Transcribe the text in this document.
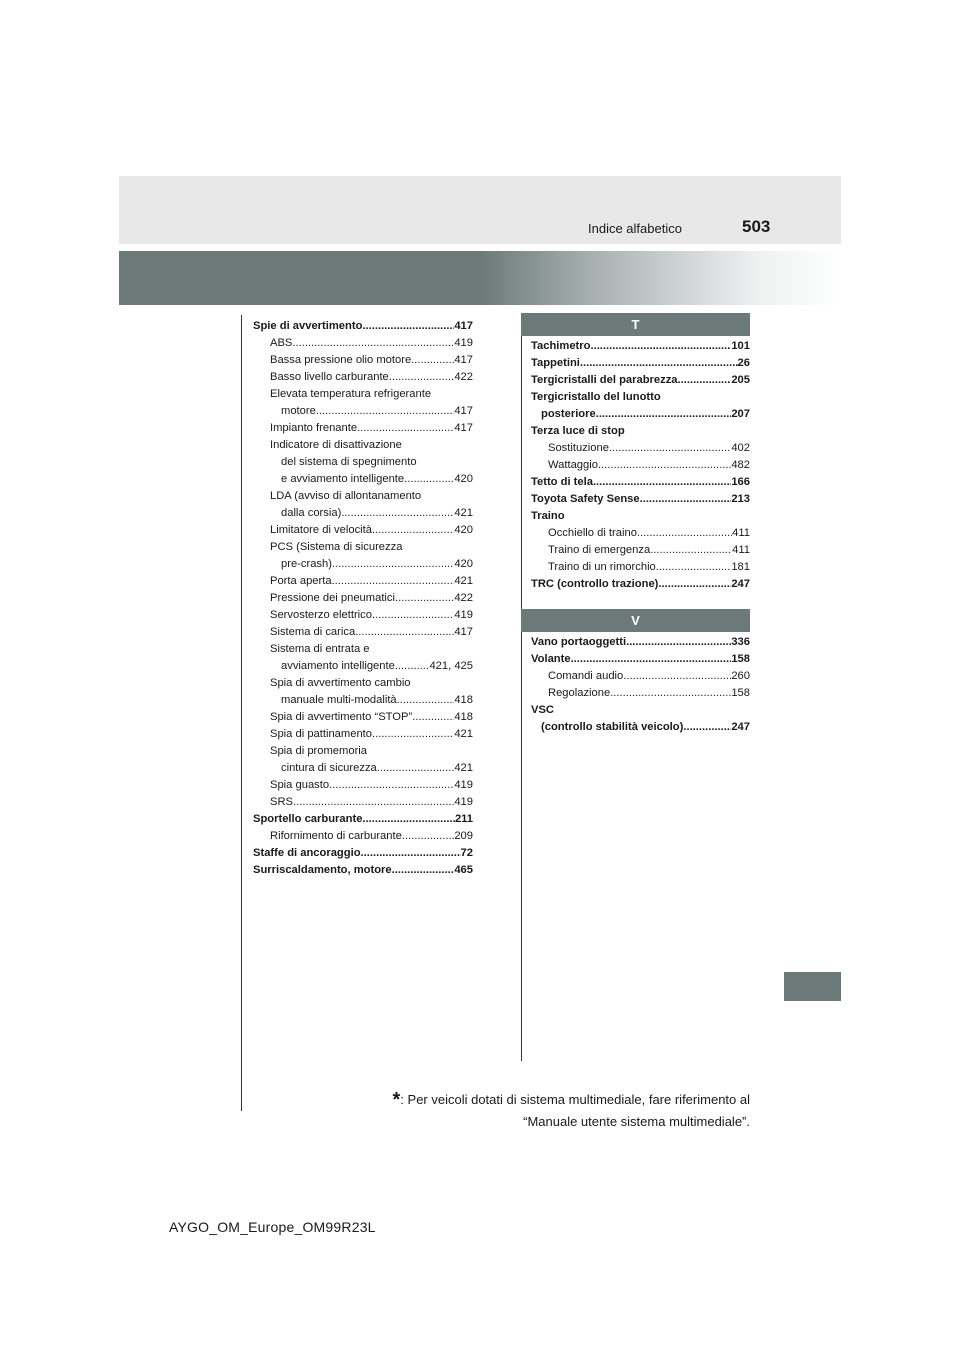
Indice alfabetico	503
Spie di avvertimento .....	417
ABS .....	419
Bassa pressione olio motore .....	417
Basso livello carburante .....	422
Elevata temperatura refrigerante
motore .....	417
Impianto frenante .....	417
Indicatore di disattivazione
del sistema di spegnimento
e avviamento intelligente .....	420
LDA (avviso di allontanamento
dalla corsia) .....	421
Limitatore di velocità .....	420
PCS (Sistema di sicurezza
pre-crash) .....	420
Porta aperta .....	421
Pressione dei pneumatici .....	422
Servosterzo elettrico .....	419
Sistema di carica .....	417
Sistema di entrata e
avviamento intelligente .....	421, 425
Spia di avvertimento cambio
manuale multi-modalità .....	418
Spia di avvertimento “STOP” .....	418
Spia di pattinamento .....	421
Spia di promemoria
cintura di sicurezza .....	421
Spia guasto .....	419
SRS .....	419
Sportello carburante .....	211
Rifornimento di carburante .....	209
Staffe di ancoraggio .....	72
Surriscaldamento, motore .....	465
T
Tachimetro .....	101
Tappetini .....	26
Tergicristalli del parabrezza .....	205
Tergicristallo del lunotto
posteriore .....	207
Terza luce di stop
Sostituzione .....	402
Wattaggio .....	482
Tetto di tela .....	166
Toyota Safety Sense .....	213
Traino
Occhiello di traino .....	411
Traino di emergenza .....	411
Traino di un rimorchio .....	181
TRC (controllo trazione) .....	247
V
Vano portaoggetti .....	336
Volante .....	158
Comandi audio .....	260
Regolazione .....	158
VSC
(controllo stabilità veicolo) .....	247
*: Per veicoli dotati di sistema multimediale, fare riferimento al
“Manuale utente sistema multimediale”.
AYGO_OM_Europe_OM99R23L
